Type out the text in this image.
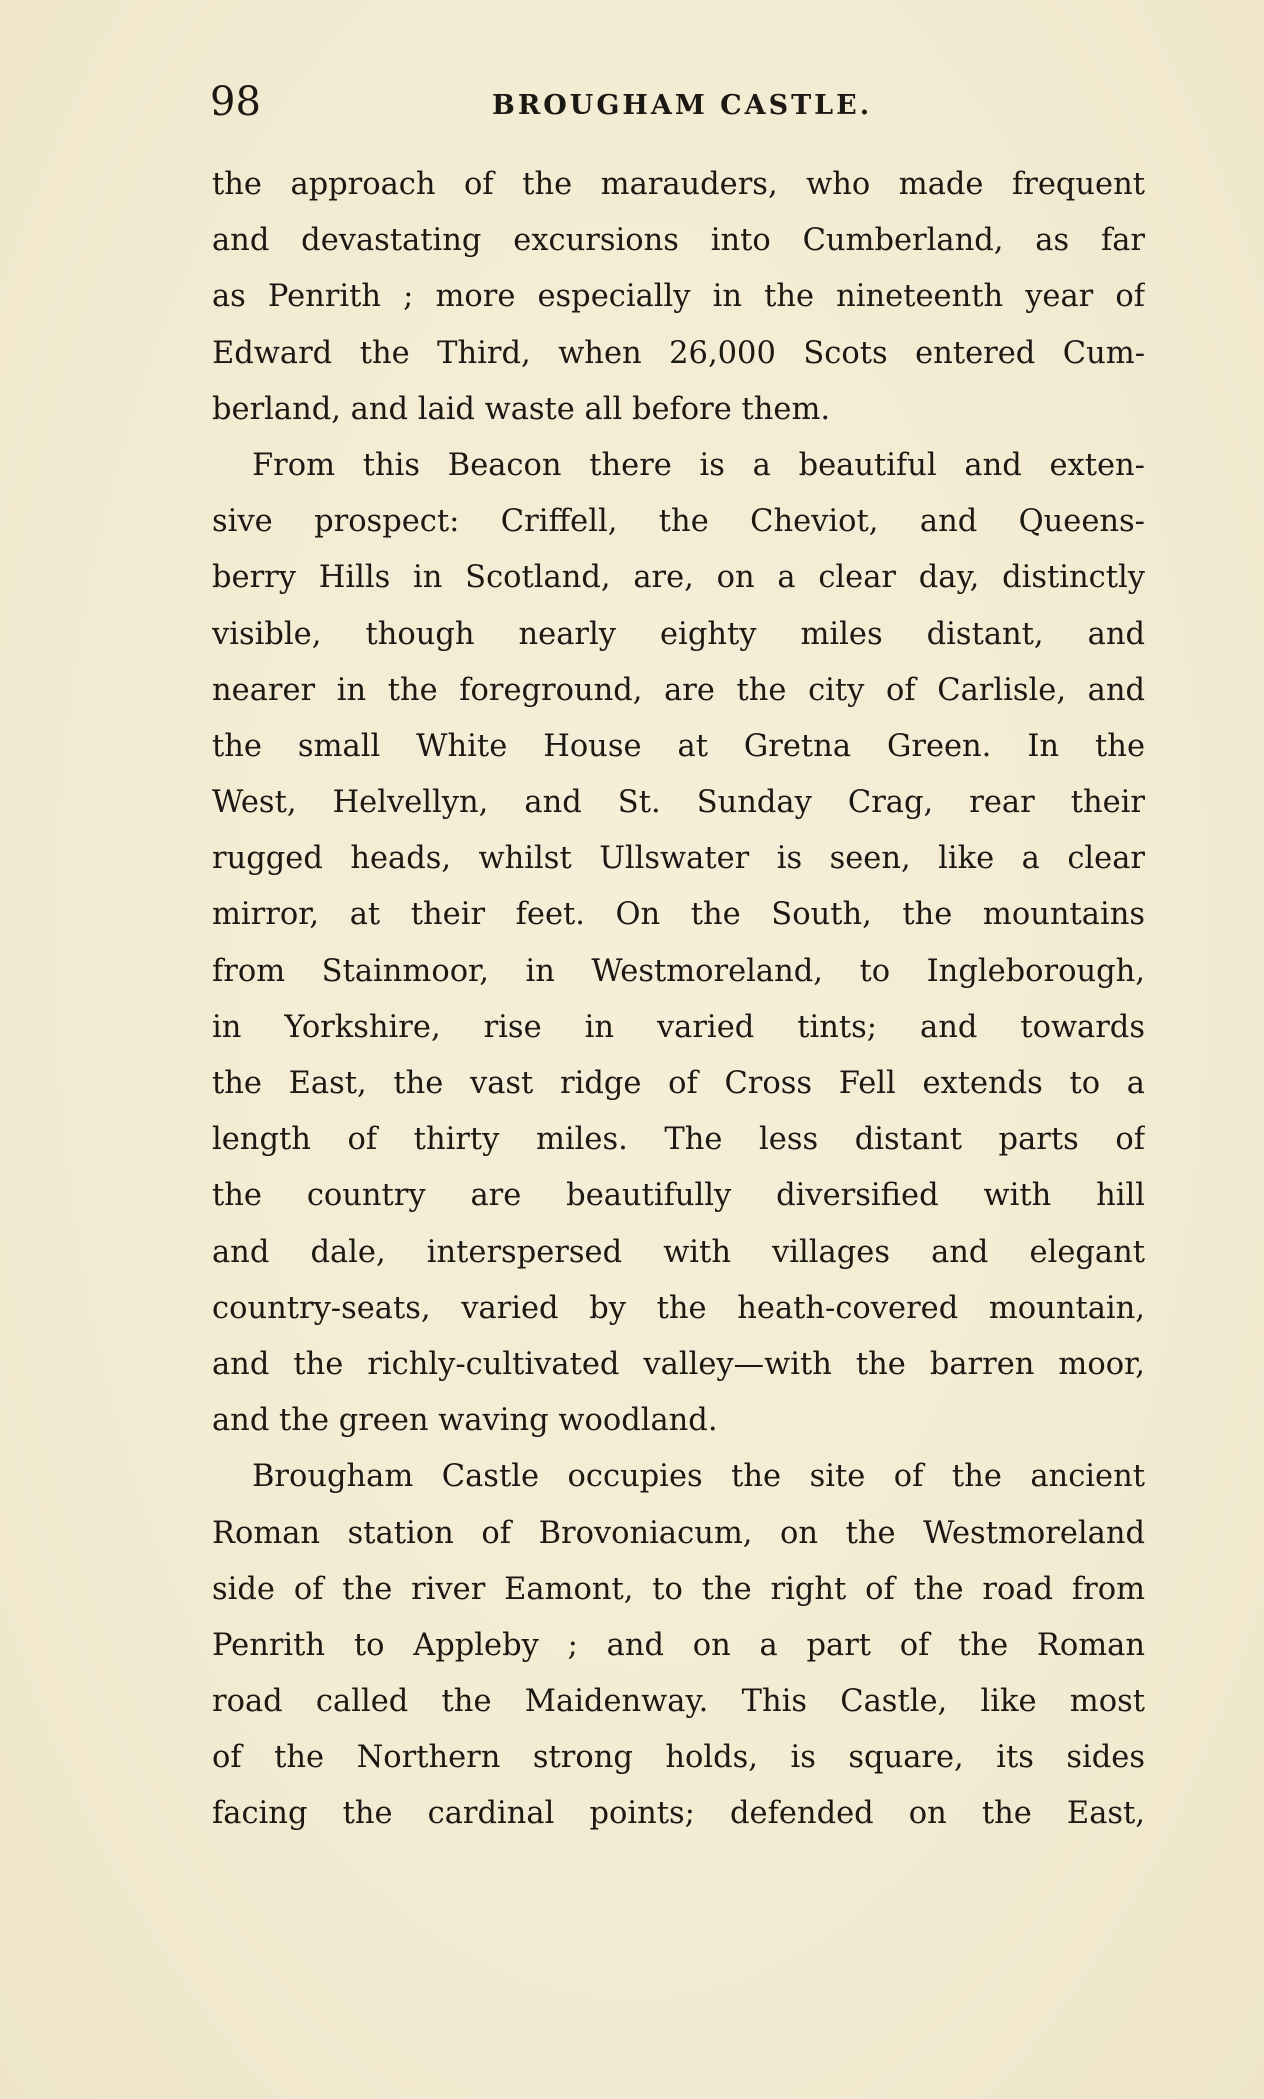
98	BROUGHAM CASTLE.
the approach of the marauders, who made frequent
and devastating excursions into Cumberland, as far
as Penrith ; more especially in the nineteenth year of
Edward the Third, when 26,000 Scots entered Cum-
berland, and laid waste all before them.
From this Beacon there is a beautiful and exten-
sive prospect: Criffell, the Cheviot, and Queens-
berry Hills in Scotland, are, on a clear day, distinctly
visible, though nearly eighty miles distant, and
nearer in the foreground, are the city of Carlisle, and
the small White House at Gretna Green. In the
West, Helvellyn, and St. Sunday Crag, rear their
rugged heads, whilst Ullswater is seen, like a clear
mirror, at their feet. On the South, the mountains
from Stainmoor, in Westmoreland, to Ingleborough,
in Yorkshire, rise in varied tints; and towards
the East, the vast ridge of Cross Fell extends to a
length of thirty miles. The less distant parts of
the country are beautifully diversified with hill
and dale, interspersed with villages and elegant
country-seats, varied by the heath-covered mountain,
and the richly-cultivated valley—with the barren moor,
and the green waving woodland.
Brougham Castle occupies the site of the ancient
Roman station of Brovoniacum, on the Westmoreland
side of the river Eamont, to the right of the road from
Penrith to Appleby ; and on a part of the Roman
road called the Maidenway. This Castle, like most
of the Northern strong holds, is square, its sides
facing the cardinal points; defended on the East,
